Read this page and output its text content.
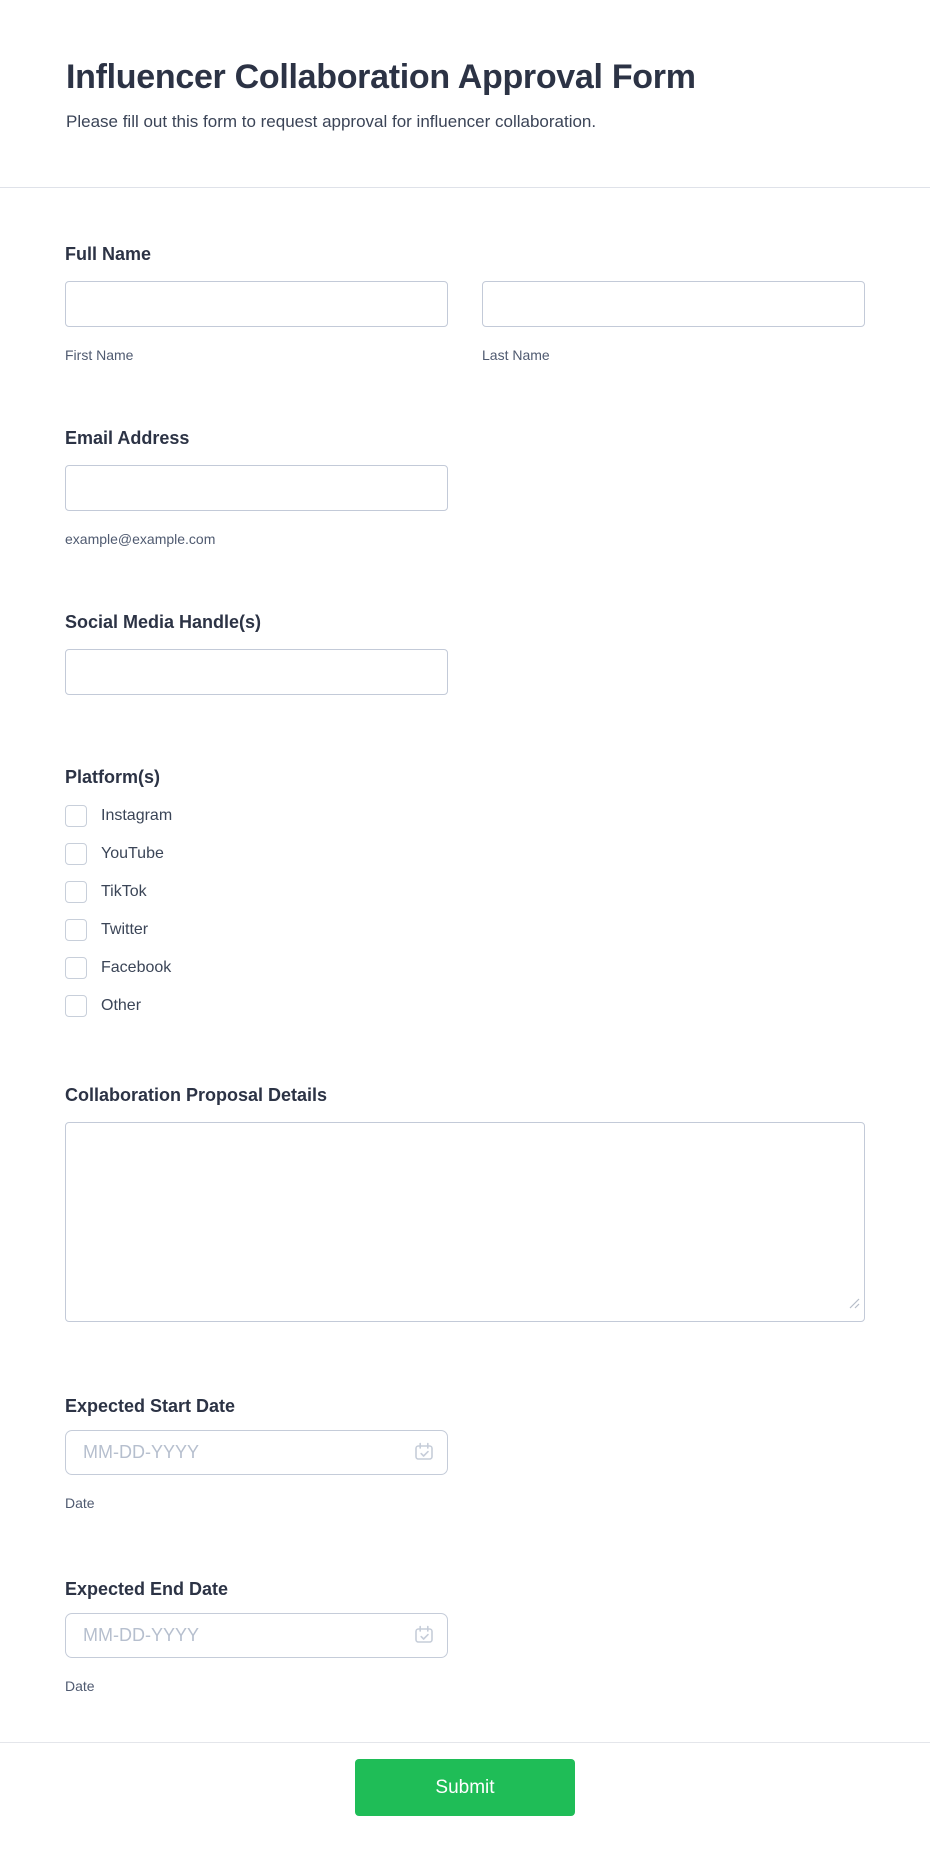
Influencer Collaboration Approval Form
Please fill out this form to request approval for influencer collaboration.
Full Name
First Name	Last Name
Email Address
example@example.com
Social Media Handle(s)
Platform(s)
Instagram
YouTube
TikTok
Twitter
Facebook
Other
Collaboration Proposal Details
Expected Start Date
MM-DD-YYYY
Date
Expected End Date
MM-DD-YYYY
Date
Submit
